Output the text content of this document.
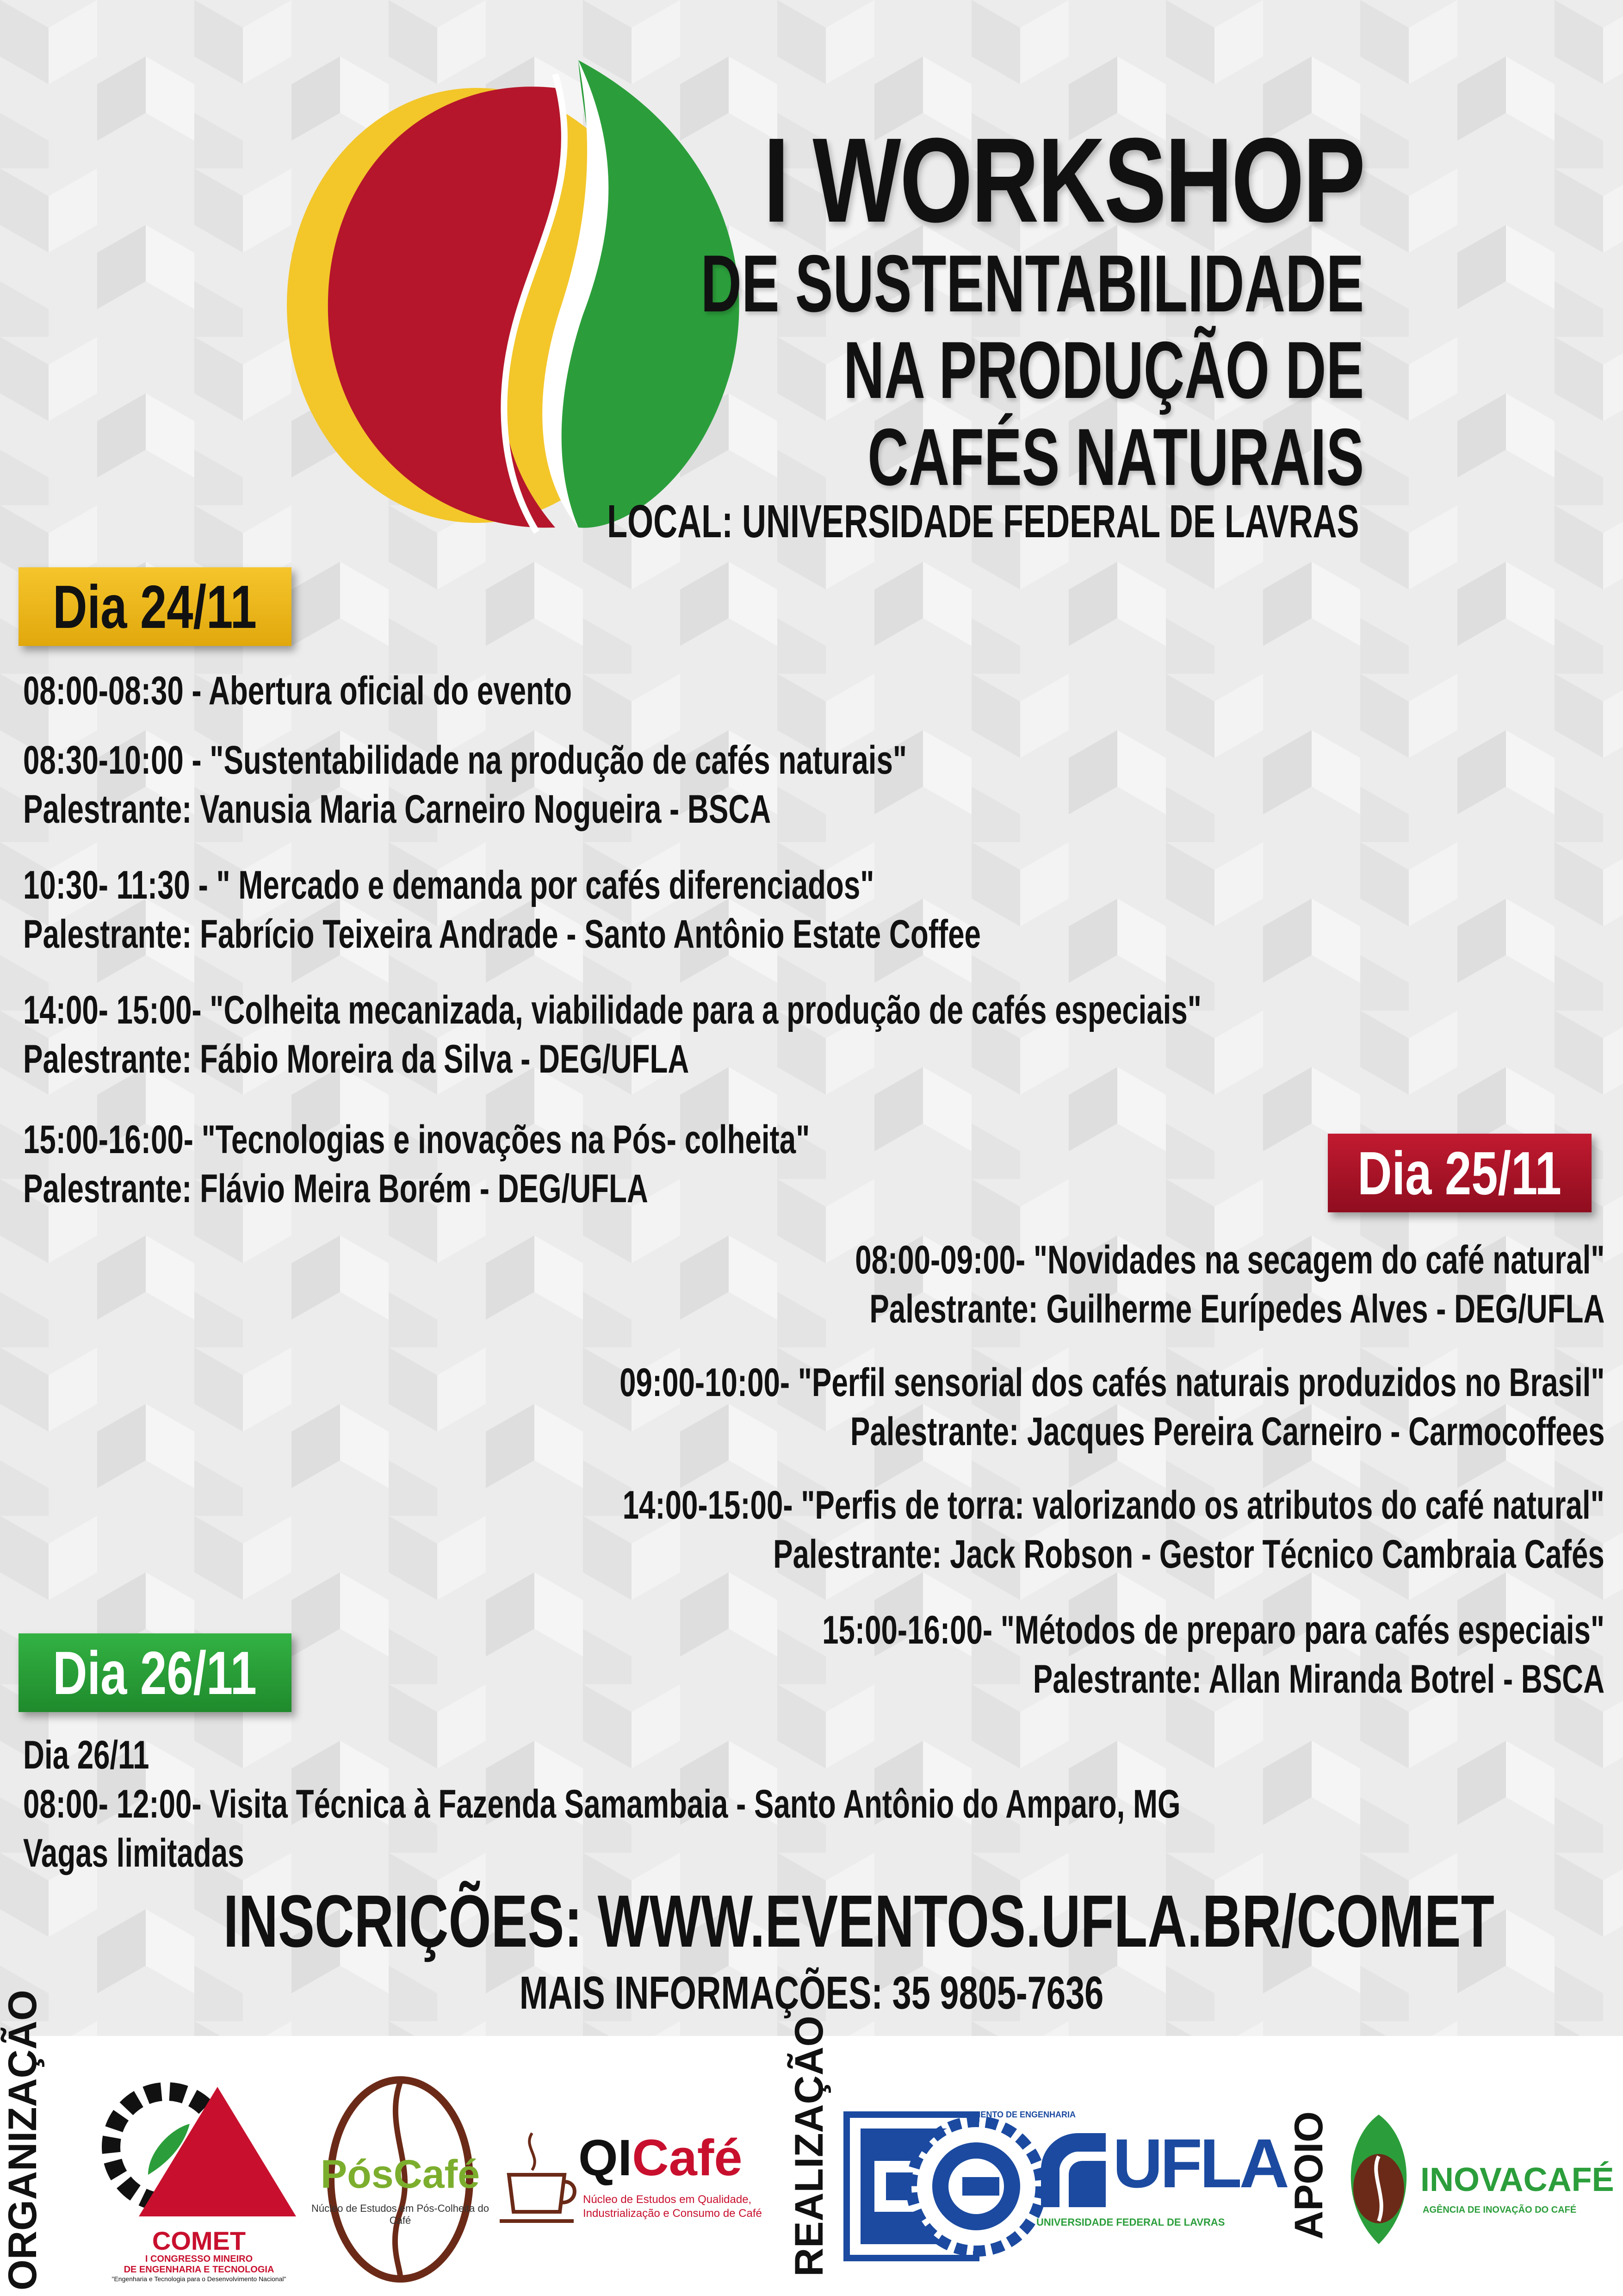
I WORKSHOP
DE SUSTENTABILIDADE
NA PRODUÇÃO DE
CAFÉS NATURAIS
LOCAL: UNIVERSIDADE FEDERAL DE LAVRAS
Dia 24/11
08:00-08:30 - Abertura oficial do evento
08:30-10:00 - "Sustentabilidade na produção de cafés naturais"
Palestrante: Vanusia Maria Carneiro Nogueira - BSCA
10:30- 11:30 - " Mercado e demanda por cafés diferenciados"
Palestrante: Fabrício Teixeira Andrade - Santo Antônio Estate Coffee
14:00- 15:00- "Colheita mecanizada, viabilidade para a produção de cafés especiais"
Palestrante: Fábio Moreira da Silva - DEG/UFLA
15:00-16:00- "Tecnologias e inovações na Pós- colheita"
Palestrante: Flávio Meira Borém - DEG/UFLA	Dia 25/11
08:00-09:00- "Novidades na secagem do café natural"
Palestrante: Guilherme Eurípedes Alves - DEG/UFLA
09:00-10:00- "Perfil sensorial dos cafés naturais produzidos no Brasil"
Palestrante: Jacques Pereira Carneiro - Carmocoffees
14:00-15:00- "Perfis de torra: valorizando os atributos do café natural"
Palestrante: Jack Robson - Gestor Técnico Cambraia Cafés
15:00-16:00- "Métodos de preparo para cafés especiais"
Palestrante: Allan Miranda Botrel - BSCA
Dia 26/11
Dia 26/11
08:00- 12:00- Visita Técnica à Fazenda Samambaia - Santo Antônio do Amparo, MG
Vagas limitadas
INSCRIÇÕES: WWW.EVENTOS.UFLA.BR/COMET
MAIS INFORMAÇÕES: 35 9805-7636
ORGANIZAÇÃO	REALIZAÇÃO	APOIO
COMET
I CONGRESSO MINEIRO
DE ENGENHARIA E TECNOLOGIA
"Engenharia e Tecnologia para o Desenvolvimento Nacional"
PósCafé
Núcleo de Estudos em Pós-Colheita do Café
QICafé
Núcleo de Estudos em Qualidade,
Industrialização e Consumo de Café
DEPARTAMENTO DE ENGENHARIA
UFLA
UNIVERSIDADE FEDERAL DE LAVRAS
INOVACAFÉ
AGÊNCIA DE INOVAÇÃO DO CAFÉ
